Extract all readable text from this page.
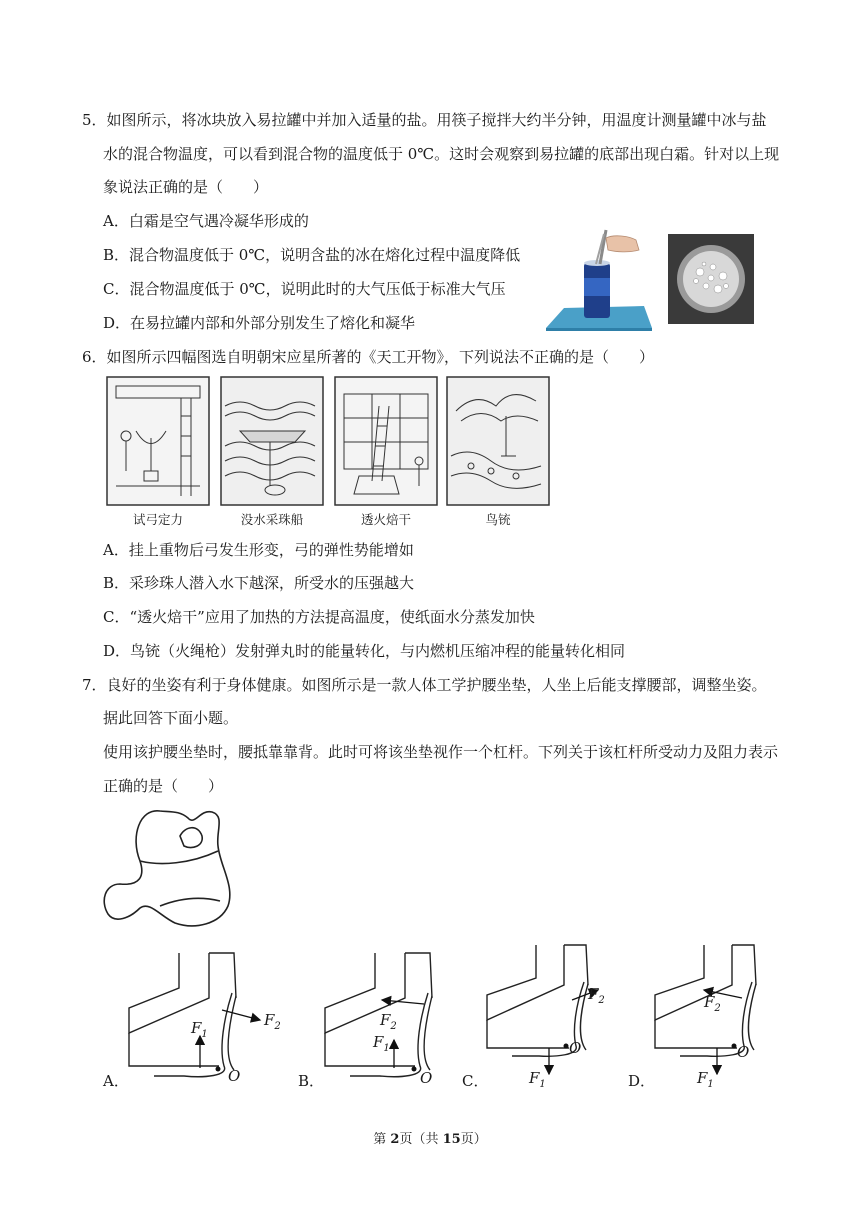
5．如图所示，将冰块放入易拉罐中并加入适量的盐。用筷子搅拌大约半分钟，用温度计测量罐中冰与盐
水的混合物温度，可以看到混合物的温度低于 0℃。这时会观察到易拉罐的底部出现白霜。针对以上现
象说法正确的是（　　）
A．白霜是空气遇冷凝华形成的
B．混合物温度低于 0℃，说明含盐的冰在熔化过程中温度降低
C．混合物温度低于 0℃，说明此时的大气压低于标准大气压
D．在易拉罐内部和外部分别发生了熔化和凝华
6．如图所示四幅图选自明朝宋应星所著的《天工开物》，下列说法不正确的是（　　）
试弓定力	没水采珠船	透火焙干	鸟铳
A．挂上重物后弓发生形变，弓的弹性势能增如
B．采珍珠人潜入水下越深，所受水的压强越大
C．“透火焙干”应用了加热的方法提高温度，使纸面水分蒸发加快
D．鸟铳（火绳枪）发射弹丸时的能量转化，与内燃机压缩冲程的能量转化相同
7．良好的坐姿有利于身体健康。如图所示是一款人体工学护腰坐垫，人坐上后能支撑腰部，调整坐姿。
据此回答下面小题。
使用该护腰坐垫时，腰抵靠靠背。此时可将该坐垫视作一个杠杆。下列关于该杠杆所受动力及阻力表示
正确的是（　　）
$F_1$
$F_2$
O
A．
$F_2$
$F_1$
O
B．
$F_2$
$F_1$
O
C．
$F_2$
$F_1$
O
D．
第 2页（共 15页）
